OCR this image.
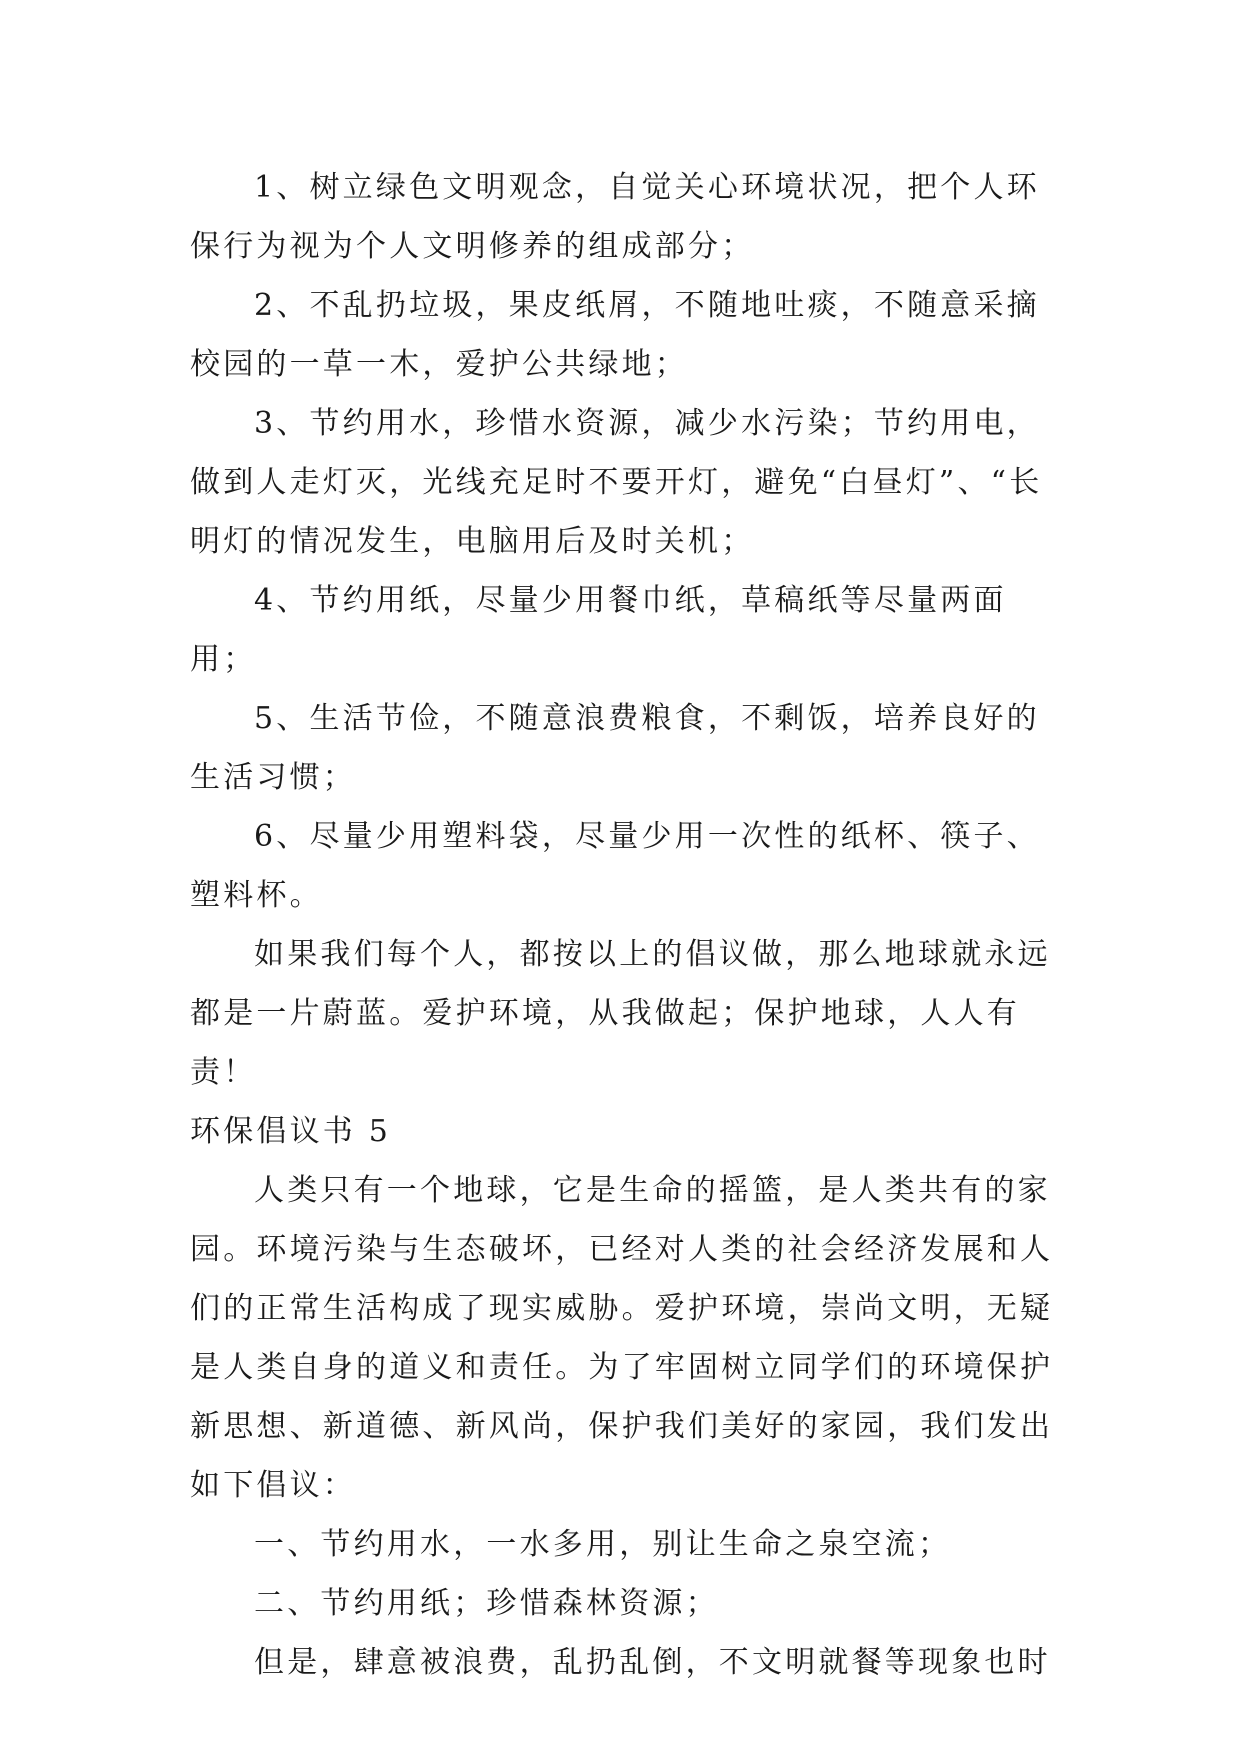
1、树立绿色文明观念，自觉关心环境状况，把个人环保行为视为个人文明修养的组成部分；

2、不乱扔垃圾，果皮纸屑，不随地吐痰，不随意采摘校园的一草一木，爱护公共绿地；

3、节约用水，珍惜水资源，减少水污染；节约用电，做到人走灯灭，光线充足时不要开灯，避免“白昼灯”、“长明灯的情况发生，电脑用后及时关机；

4、节约用纸，尽量少用餐巾纸，草稿纸等尽量两面用；

5、生活节俭，不随意浪费粮食，不剩饭，培养良好的生活习惯；

6、尽量少用塑料袋，尽量少用一次性的纸杯、筷子、塑料杯。

如果我们每个人，都按以上的倡议做，那么地球就永远都是一片蔚蓝。爱护环境，从我做起；保护地球，人人有责！

环保倡议书 5

人类只有一个地球，它是生命的摇篮，是人类共有的家园。环境污染与生态破坏，已经对人类的社会经济发展和人们的正常生活构成了现实威胁。爱护环境，崇尚文明，无疑是人类自身的道义和责任。为了牢固树立同学们的环境保护新思想、新道德、新风尚，保护我们美好的家园，我们发出如下倡议：

一、节约用水，一水多用，别让生命之泉空流；

二、节约用纸；珍惜森林资源；

但是，肆意被浪费，乱扔乱倒，不文明就餐等现象也时
